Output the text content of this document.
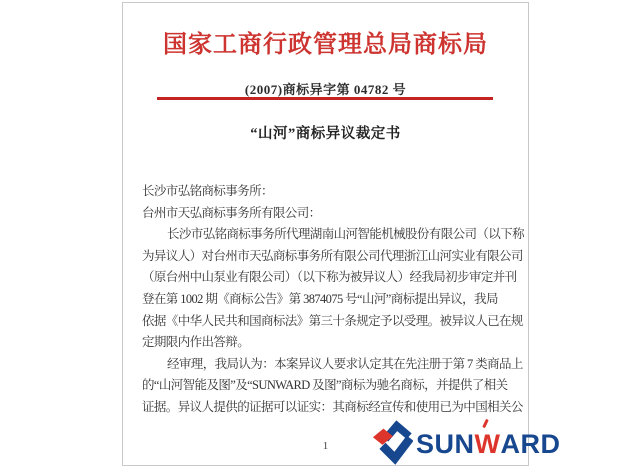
国家工商行政管理总局商标局
(2007)商标异字第 04782 号
“山河”商标异议裁定书
长沙市弘铭商标事务所：
台州市天弘商标事务所有限公司：
长沙市弘铭商标事务所代理湖南山河智能机械股份有限公司（以下称
为异议人）对台州市天弘商标事务所有限公司代理浙江山河实业有限公司
（原台州中山泵业有限公司）（以下称为被异议人）经我局初步审定并刊
登在第 1002 期《商标公告》第 3874075 号“山河”商标提出异议，我局
依据《中华人民共和国商标法》第三十条规定予以受理。被异议人已在规
定期限内作出答辩。
经审理，我局认为：本案异议人要求认定其在先注册于第 7 类商品上
的“山河智能及图”及“SUNWARD 及图”商标为驰名商标，并提供了相关
证据。异议人提供的证据可以证实：其商标经宣传和使用已为中国相关公
1	SUNW
ARD
